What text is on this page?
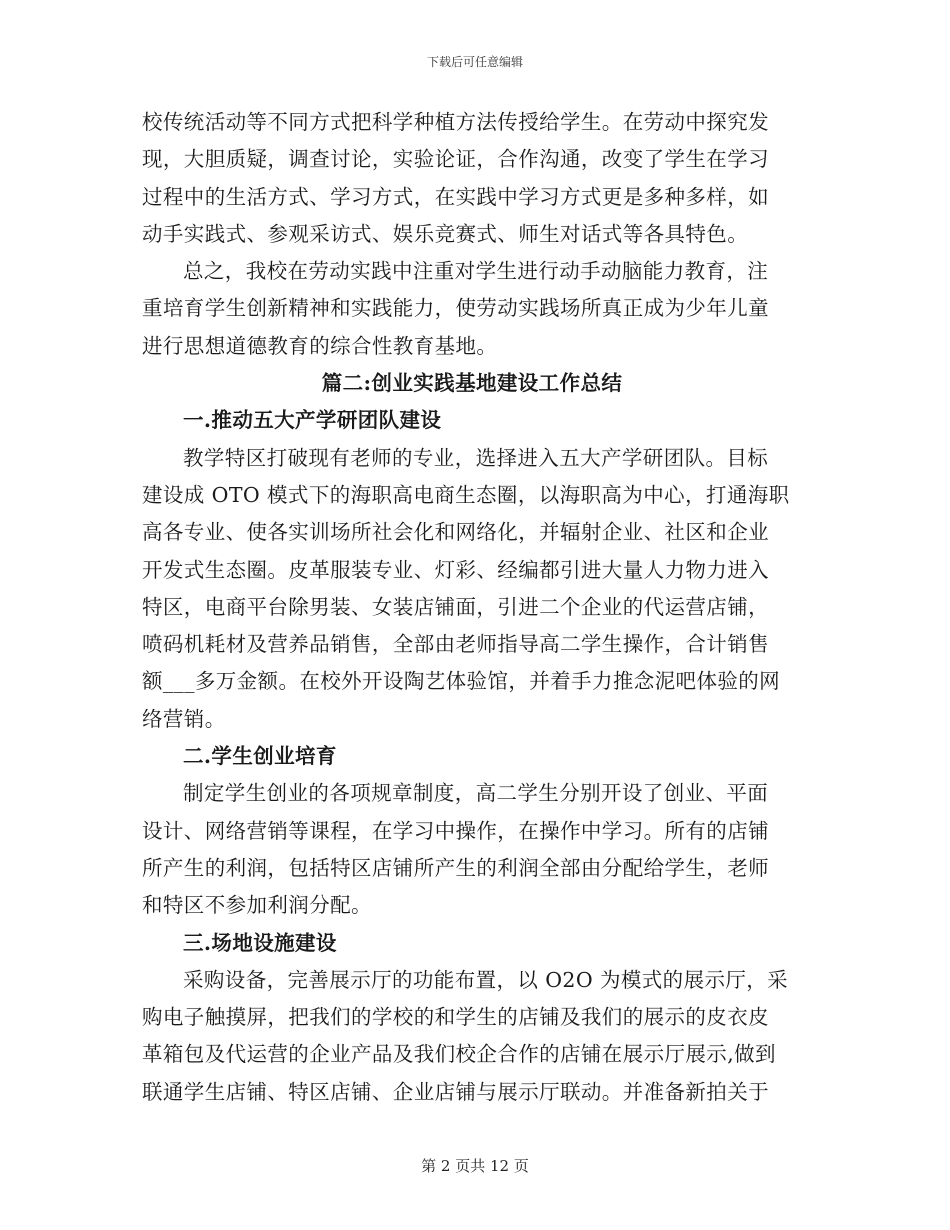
下载后可任意编辑
校传统活动等不同方式把科学种植方法传授给学生。在劳动中探究发
现，大胆质疑，调查讨论，实验论证，合作沟通，改变了学生在学习
过程中的生活方式、学习方式，在实践中学习方式更是多种多样，如
动手实践式、参观采访式、娱乐竞赛式、师生对话式等各具特色。
总之，我校在劳动实践中注重对学生进行动手动脑能力教育，注
重培育学生创新精神和实践能力，使劳动实践场所真正成为少年儿童
进行思想道德教育的综合性教育基地。
篇二:创业实践基地建设工作总结
一.推动五大产学研团队建设
教学特区打破现有老师的专业，选择进入五大产学研团队。目标
建设成 OTO 模式下的海职高电商生态圈，以海职高为中心，打通海职
高各专业、使各实训场所社会化和网络化，并辐射企业、社区和企业
开发式生态圈。皮革服装专业、灯彩、经编都引进大量人力物力进入
特区，电商平台除男装、女装店铺面，引进二个企业的代运营店铺，
喷码机耗材及营养品销售，全部由老师指导高二学生操作，合计销售
额___多万金额。在校外开设陶艺体验馆，并着手力推念泥吧体验的网
络营销。
二.学生创业培育
制定学生创业的各项规章制度，高二学生分别开设了创业、平面
设计、网络营销等课程，在学习中操作，在操作中学习。所有的店铺
所产生的利润，包括特区店铺所产生的利润全部由分配给学生，老师
和特区不参加利润分配。
三.场地设施建设
采购设备，完善展示厅的功能布置，以 O2O 为模式的展示厅，采
购电子触摸屏，把我们的学校的和学生的店铺及我们的展示的皮衣皮
革箱包及代运营的企业产品及我们校企合作的店铺在展示厅展示,做到
联通学生店铺、特区店铺、企业店铺与展示厅联动。并准备新拍关于
第 2 页共 12 页
